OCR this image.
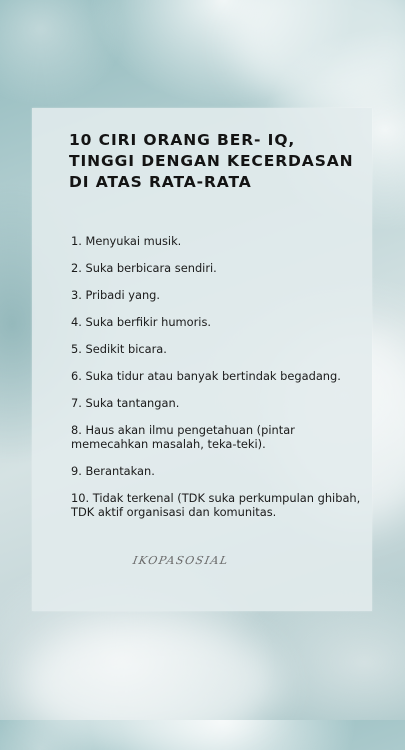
10 CIRI ORANG BER- IQ, TINGGI DENGAN KECERDASAN DI ATAS RATA-RATA
1. Menyukai musik.
2. Suka berbicara sendiri.
3. Pribadi yang.
4. Suka berfikir humoris.
5. Sedikit bicara.
6. Suka tidur atau banyak bertindak begadang.
7. Suka tantangan.
8. Haus akan ilmu pengetahuan (pintar memecahkan masalah, teka-teki).
9. Berantakan.
10. Tidak terkenal (TDK suka perkumpulan ghibah, TDK aktif organisasi dan komunitas.
IKOPASOSIAL
